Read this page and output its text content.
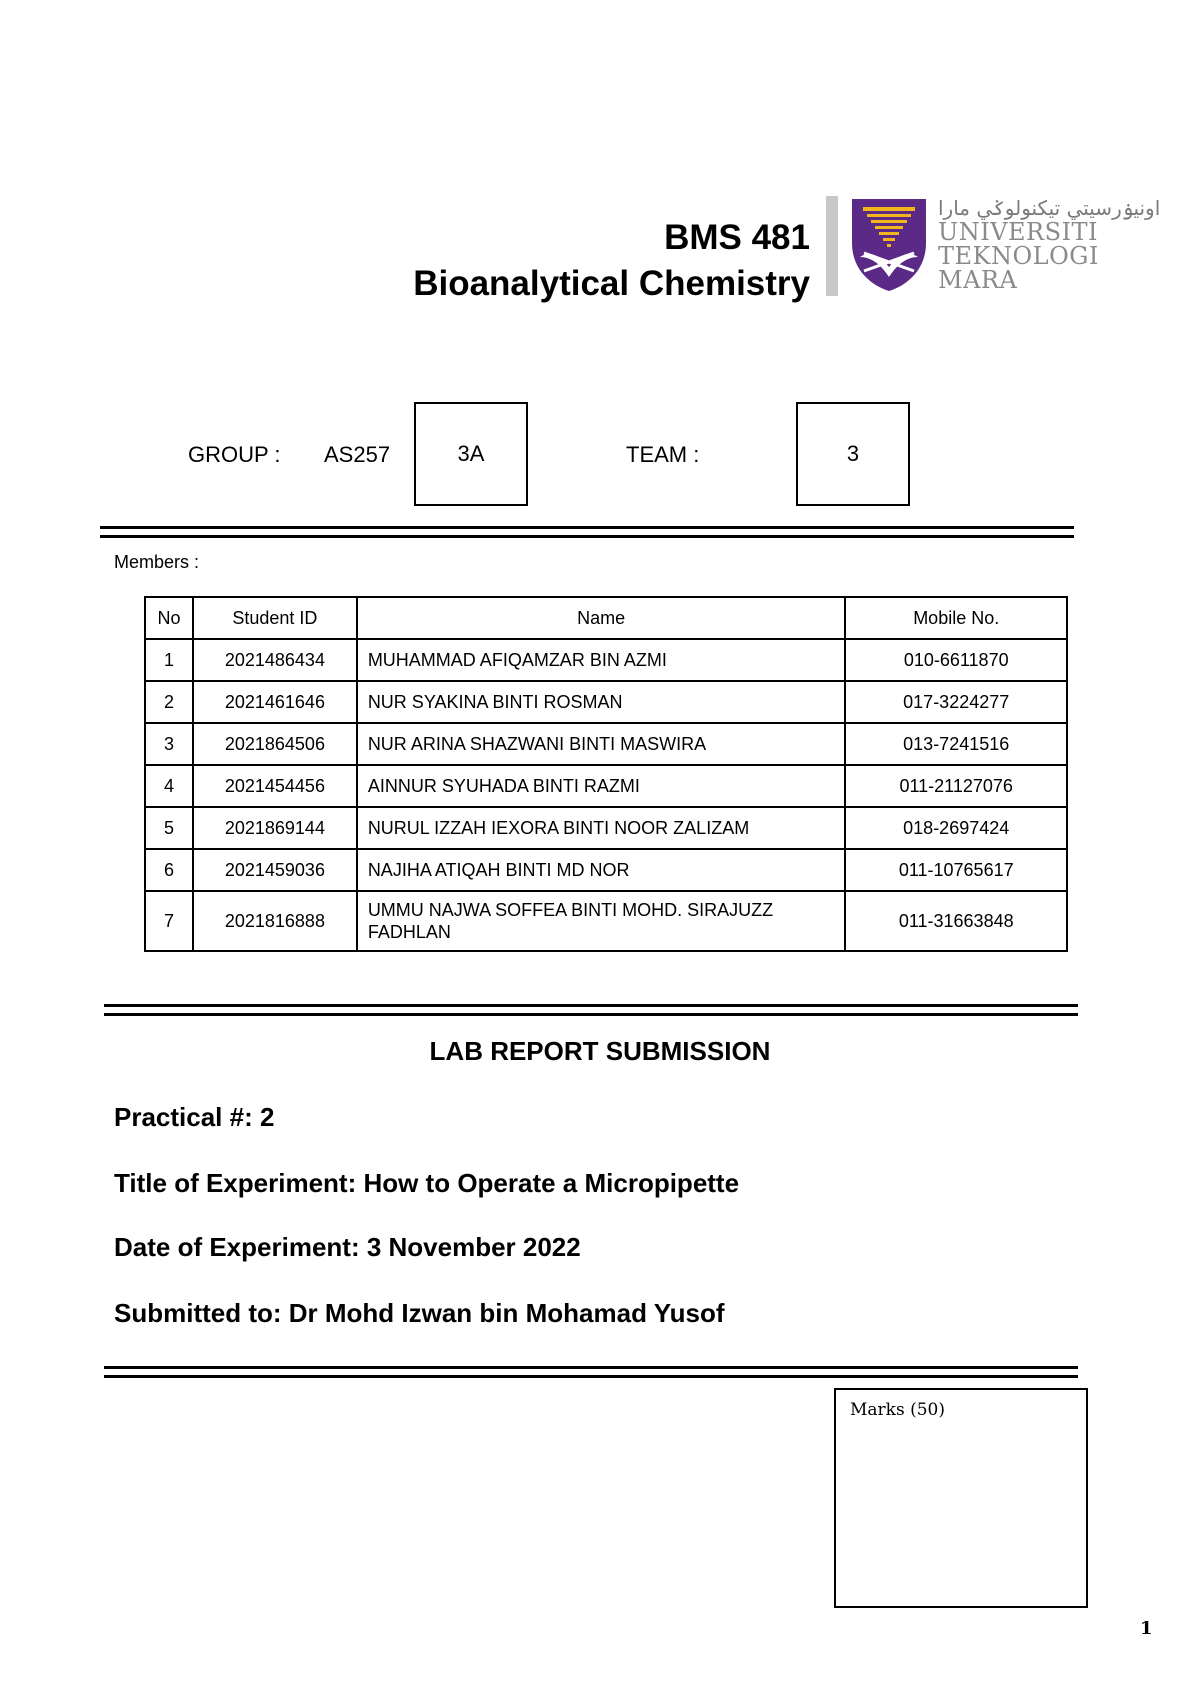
BMS 481
Bioanalytical Chemistry
اونيۏرسيتي تيكنولوݢي مارا
UNIVERSITI
TEKNOLOGI
MARA
GROUP : AS257	3A	TEAM :	3
Members :
No	Student ID	Name	Mobile No.
1	2021486434	MUHAMMAD AFIQAMZAR BIN AZMI	010-6611870
2	2021461646	NUR SYAKINA BINTI ROSMAN	017-3224277
3	2021864506	NUR ARINA SHAZWANI BINTI MASWIRA	013-7241516
4	2021454456	AINNUR SYUHADA BINTI RAZMI	011-21127076
5	2021869144	NURUL IZZAH IEXORA BINTI NOOR ZALIZAM	018-2697424
6	2021459036	NAJIHA ATIQAH BINTI MD NOR	011-10765617
7	2021816888	UMMU NAJWA SOFFEA BINTI MOHD. SIRAJUZZ FADHLAN	011-31663848
LAB REPORT SUBMISSION
Practical #: 2
Title of Experiment: How to Operate a Micropipette
Date of Experiment: 3 November 2022
Submitted to: Dr Mohd Izwan bin Mohamad Yusof
Marks (50)
1
